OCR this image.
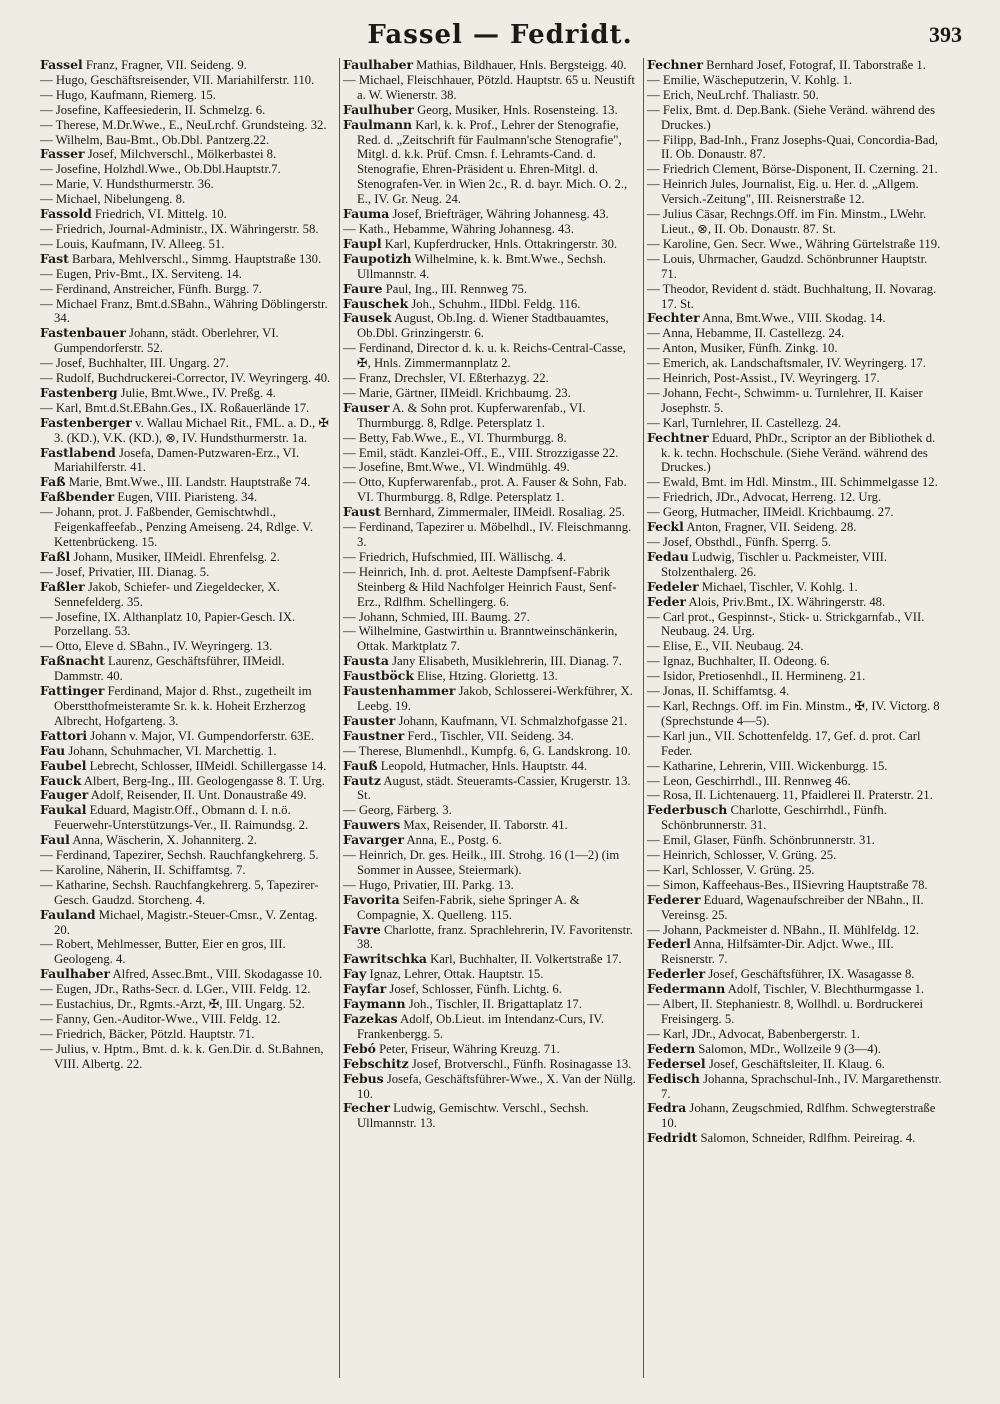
Fassel — Fedridt.	393

Fassel Franz, Fragner, VII. Seideng. 9.

— Hugo, Geschäftsreisender, VII. Mariahilferstr. 110.

— Hugo, Kaufmann, Riemerg. 15.

— Josefine, Kaffeesiederin, II. Schmelzg. 6.

— Therese, M.Dr.Wwe., E., NeuLrchf. Grundsteing. 32.

— Wilhelm, Bau-Bmt., Ob.Dbl. Pantzerg.22.

Fasser Josef, Milchverschl., Mölkerbastei 8.

— Josefine, Holzhdl.Wwe., Ob.Dbl.Hauptstr.7.

— Marie, V. Hundsthurmerstr. 36.

— Michael, Nibelungeng. 8.

Fassold Friedrich, VI. Mittelg. 10.

— Friedrich, Journal-Administr., IX. Währingerstr. 58.

— Louis, Kaufmann, IV. Alleeg. 51.

Fast Barbara, Mehlverschl., Simmg. Hauptstraße 130.

— Eugen, Priv-Bmt., IX. Serviteng. 14.

— Ferdinand, Anstreicher, Fünfh. Burgg. 7.

— Michael Franz, Bmt.d.SBahn., Währing Döblingerstr. 34.

Fastenbauer Johann, städt. Oberlehrer, VI. Gumpendorferstr. 52.

— Josef, Buchhalter, III. Ungarg. 27.

— Rudolf, Buchdruckerei-Corrector, IV. Weyringerg. 40.

Fastenberg Julie, Bmt.Wwe., IV. Preßg. 4.

— Karl, Bmt.d.St.EBahn.Ges., IX. Roßauerlände 17.

Fastenberger v. Wallau Michael Rit., FML. a. D., ✠ 3. (KD.), V.K. (KD.), ⊗, IV. Hundsthurmerstr. 1a.

Fastlabend Josefa, Damen-Putzwaren-Erz., VI. Mariahilferstr. 41.

Faß Marie, Bmt.Wwe., III. Landstr. Hauptstraße 74.

Faßbender Eugen, VIII. Piaristeng. 34.

— Johann, prot. J. Faßbender, Gemischtwhdl., Feigenkaffeefab., Penzing Ameiseng. 24, Rdlge. V. Kettenbrückeng. 15.

Faßl Johann, Musiker, IIMeidl. Ehrenfelsg. 2.

— Josef, Privatier, III. Dianag. 5.

Faßler Jakob, Schiefer- und Ziegeldecker, X. Sennefelderg. 35.

— Josefine, IX. Althanplatz 10, Papier-Gesch. IX. Porzellang. 53.

— Otto, Eleve d. SBahn., IV. Weyringerg. 13.

Faßnacht Laurenz, Geschäftsführer, IIMeidl. Dammstr. 40.

Fattinger Ferdinand, Major d. Rhst., zugetheilt im Oberstthofmeisteramte Sr. k. k. Hoheit Erzherzog Albrecht, Hofgarteng. 3.

Fattori Johann v. Major, VI. Gumpendorferstr. 63E.

Fau Johann, Schuhmacher, VI. Marchettig. 1.

Faubel Lebrecht, Schlosser, IIMeidl. Schillergasse 14.

Fauck Albert, Berg-Ing., III. Geologengasse 8. T. Urg.

Fauger Adolf, Reisender, II. Unt. Donaustraße 49.

Faukal Eduard, Magistr.Off., Obmann d. I. n.ö. Feuerwehr-Unterstützungs-Ver., II. Raimundsg. 2.

Faul Anna, Wäscherin, X. Johanniterg. 2.

— Ferdinand, Tapezirer, Sechsh. Rauchfangkehrerg. 5.

— Karoline, Näherin, II. Schiffamtsg. 7.

— Katharine, Sechsh. Rauchfangkehrerg. 5, Tapezirer-Gesch. Gaudzd. Storcheng. 4.

Fauland Michael, Magistr.-Steuer-Cmsr., V. Zentag. 20.

— Robert, Mehlmesser, Butter, Eier en gros, III. Geologeng. 4.

Faulhaber Alfred, Assec.Bmt., VIII. Skodagasse 10.

— Eugen, JDr., Raths-Secr. d. LGer., VIII. Feldg. 12.

— Eustachius, Dr., Rgmts.-Arzt, ✠, III. Ungarg. 52.

— Fanny, Gen.-Auditor-Wwe., VIII. Feldg. 12.

— Friedrich, Bäcker, Pötzld. Hauptstr. 71.

— Julius, v. Hptm., Bmt. d. k. k. Gen.Dir. d. St.Bahnen, VIII. Albertg. 22.

Faulhaber Mathias, Bildhauer, Hnls. Bergsteigg. 40.

— Michael, Fleischhauer, Pötzld. Hauptstr. 65 u. Neustift a. W. Wienerstr. 38.

Faulhuber Georg, Musiker, Hnls. Rosensteing. 13.

Faulmann Karl, k. k. Prof., Lehrer der Stenografie, Red. d. „Zeitschrift für Faulmann'sche Stenografie", Mitgl. d. k.k. Prüf. Cmsn. f. Lehramts-Cand. d. Stenografie, Ehren-Präsident u. Ehren-Mitgl. d. Stenografen-Ver. in Wien 2c., R. d. bayr. Mich. O. 2., E., IV. Gr. Neug. 24.

Fauma Josef, Briefträger, Währing Johannesg. 43.

— Kath., Hebamme, Währing Johannesg. 43.

Faupl Karl, Kupferdrucker, Hnls. Ottakringerstr. 30.

Faupotizh Wilhelmine, k. k. Bmt.Wwe., Sechsh. Ullmannstr. 4.

Faure Paul, Ing., III. Rennweg 75.

Fauschek Joh., Schuhm., IIDbl. Feldg. 116.

Fausek August, Ob.Ing. d. Wiener Stadtbauamtes, Ob.Dbl. Grinzingerstr. 6.

— Ferdinand, Director d. k. u. k. Reichs-Central-Casse, ✠, Hnls. Zimmermannplatz 2.

— Franz, Drechsler, VI. Eßterhazyg. 22.

— Marie, Gärtner, IIMeidl. Krichbaumg. 23.

Fauser A. & Sohn prot. Kupferwarenfab., VI. Thurmburgg. 8, Rdlge. Petersplatz 1.

— Betty, Fab.Wwe., E., VI. Thurmburgg. 8.

— Emil, städt. Kanzlei-Off., E., VIII. Strozzigasse 22.

— Josefine, Bmt.Wwe., VI. Windmühlg. 49.

— Otto, Kupferwarenfab., prot. A. Fauser & Sohn, Fab. VI. Thurmburgg. 8, Rdlge. Petersplatz 1.

Faust Bernhard, Zimmermaler, IIMeidl. Rosaliag. 25.

— Ferdinand, Tapezirer u. Möbelhdl., IV. Fleischmanng. 3.

— Friedrich, Hufschmied, III. Wällischg. 4.

— Heinrich, Inh. d. prot. Aelteste Dampfsenf-Fabrik Steinberg & Hild Nachfolger Heinrich Faust, Senf-Erz., Rdlfhm. Schellingerg. 6.

— Johann, Schmied, III. Baumg. 27.

— Wilhelmine, Gastwirthin u. Branntweinschänkerin, Ottak. Marktplatz 7.

Fausta Jany Elisabeth, Musiklehrerin, III. Dianag. 7.

Faustböck Elise, Htzing. Gloriettg. 13.

Faustenhammer Jakob, Schlosserei-Werkführer, X. Leebg. 19.

Fauster Johann, Kaufmann, VI. Schmalzhofgasse 21.

Faustner Ferd., Tischler, VII. Seideng. 34.

— Therese, Blumenhdl., Kumpfg. 6, G. Landskrong. 10.

Fauß Leopold, Hutmacher, Hnls. Hauptstr. 44.

Fautz August, städt. Steueramts-Cassier, Krugerstr. 13. St.

— Georg, Färberg. 3.

Fauwers Max, Reisender, II. Taborstr. 41.

Favarger Anna, E., Postg. 6.

— Heinrich, Dr. ges. Heilk., III. Strohg. 16 (1—2) (im Sommer in Aussee, Steiermark).

— Hugo, Privatier, III. Parkg. 13.

Favorita Seifen-Fabrik, siehe Springer A. & Compagnie, X. Quelleng. 115.

Favre Charlotte, franz. Sprachlehrerin, IV. Favoritenstr. 38.

Fawritschka Karl, Buchhalter, II. Volkertstraße 17.

Fay Ignaz, Lehrer, Ottak. Hauptstr. 15.

Fayfar Josef, Schlosser, Fünfh. Lichtg. 6.

Faymann Joh., Tischler, II. Brigattaplatz 17.

Fazekas Adolf, Ob.Lieut. im Intendanz-Curs, IV. Frankenbergg. 5.

Febó Peter, Friseur, Währing Kreuzg. 71.

Febschitz Josef, Brotverschl., Fünfh. Rosinagasse 13.

Febus Josefa, Geschäftsführer-Wwe., X. Van der Nüllg. 10.

Fecher Ludwig, Gemischtw. Verschl., Sechsh. Ullmannstr. 13.

Fechner Bernhard Josef, Fotograf, II. Taborstraße 1.

— Emilie, Wäscheputzerin, V. Kohlg. 1.

— Erich, NeuLrchf. Thaliastr. 50.

— Felix, Bmt. d. Dep.Bank. (Siehe Veränd. während des Druckes.)

— Filipp, Bad-Inh., Franz Josephs-Quai, Concordia-Bad, II. Ob. Donaustr. 87.

— Friedrich Clement, Börse-Disponent, II. Czerning. 21.

— Heinrich Jules, Journalist, Eig. u. Her. d. „Allgem. Versich.-Zeitung", III. Reisnerstraße 12.

— Julius Cäsar, Rechngs.Off. im Fin. Minstm., LWehr. Lieut., ⊗, II. Ob. Donaustr. 87. St.

— Karoline, Gen. Secr. Wwe., Währing Gürtelstraße 119.

— Louis, Uhrmacher, Gaudzd. Schönbrunner Hauptstr. 71.

— Theodor, Revident d. städt. Buchhaltung, II. Novarag. 17. St.

Fechter Anna, Bmt.Wwe., VIII. Skodag. 14.

— Anna, Hebamme, II. Castellezg. 24.

— Anton, Musiker, Fünfh. Zinkg. 10.

— Emerich, ak. Landschaftsmaler, IV. Weyringerg. 17.

— Heinrich, Post-Assist., IV. Weyringerg. 17.

— Johann, Fecht-, Schwimm- u. Turnlehrer, II. Kaiser Josephstr. 5.

— Karl, Turnlehrer, II. Castellezg. 24.

Fechtner Eduard, PhDr., Scriptor an der Bibliothek d. k. k. techn. Hochschule. (Siehe Veränd. während des Druckes.)

— Ewald, Bmt. im Hdl. Minstm., III. Schimmelgasse 12.

— Friedrich, JDr., Advocat, Herreng. 12. Urg.

— Georg, Hutmacher, IIMeidl. Krichbaumg. 27.

Feckl Anton, Fragner, VII. Seideng. 28.

— Josef, Obsthdl., Fünfh. Sperrg. 5.

Fedau Ludwig, Tischler u. Packmeister, VIII. Stolzenthalerg. 26.

Fedeler Michael, Tischler, V. Kohlg. 1.

Feder Alois, Priv.Bmt., IX. Währingerstr. 48.

— Carl prot., Gespinnst-, Stick- u. Strickgarnfab., VII. Neubaug. 24. Urg.

— Elise, E., VII. Neubaug. 24.

— Ignaz, Buchhalter, II. Odeong. 6.

— Isidor, Pretiosenhdl., II. Hermineng. 21.

— Jonas, II. Schiffamtsg. 4.

— Karl, Rechngs. Off. im Fin. Minstm., ✠, IV. Victorg. 8 (Sprechstunde 4—5).

— Karl jun., VII. Schottenfeldg. 17, Gef. d. prot. Carl Feder.

— Katharine, Lehrerin, VIII. Wickenburgg. 15.

— Leon, Geschirrhdl., III. Rennweg 46.

— Rosa, II. Lichtenauerg. 11, Pfaidlerei II. Praterstr. 21.

Federbusch Charlotte, Geschirrhdl., Fünfh. Schönbrunnerstr. 31.

— Emil, Glaser, Fünfh. Schönbrunnerstr. 31.

— Heinrich, Schlosser, V. Grüng. 25.

— Karl, Schlosser, V. Grüng. 25.

— Simon, Kaffeehaus-Bes., IISievring Hauptstraße 78.

Federer Eduard, Wagenaufschreiber der NBahn., II. Vereinsg. 25.

— Johann, Packmeister d. NBahn., II. Mühlfeldg. 12.

Federl Anna, Hilfsämter-Dir. Adjct. Wwe., III. Reisnerstr. 7.

Federler Josef, Geschäftsführer, IX. Wasagasse 8.

Federmann Adolf, Tischler, V. Blechthurmgasse 1.

— Albert, II. Stephaniestr. 8, Wollhdl. u. Bordruckerei Freisingerg. 5.

— Karl, JDr., Advocat, Babenbergerstr. 1.

Federn Salomon, MDr., Wollzeile 9 (3—4).

Federsel Josef, Geschäftsleiter, II. Klaug. 6.

Fedisch Johanna, Sprachschul-Inh., IV. Margarethenstr. 7.

Fedra Johann, Zeugschmied, Rdlfhm. Schwegterstraße 10.

Fedridt Salomon, Schneider, Rdlfhm. Peireirag. 4.
